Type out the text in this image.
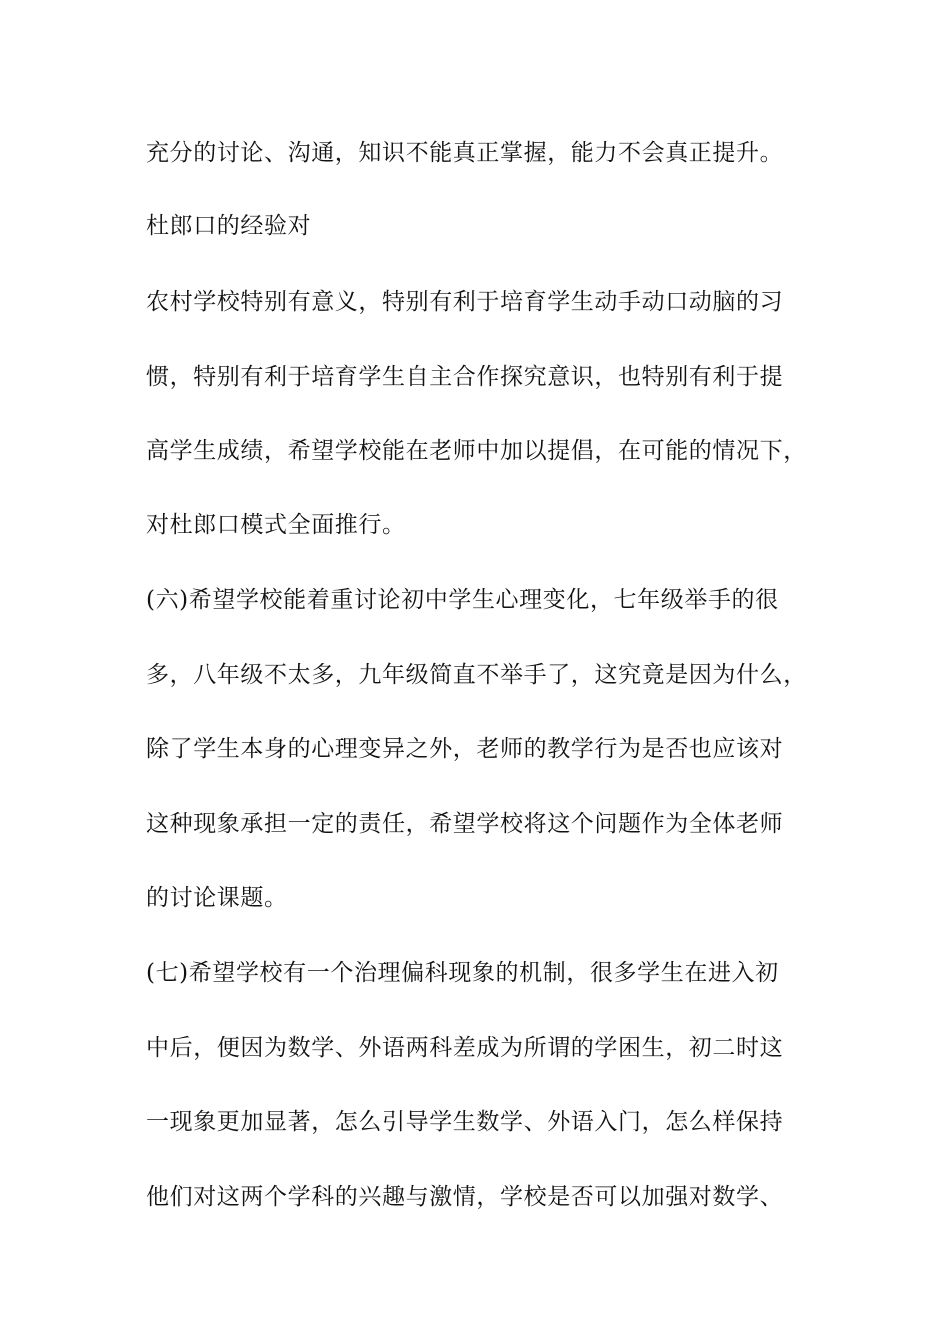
充分的讨论、沟通，知识不能真正掌握，能力不会真正提升。
杜郎口的经验对
农村学校特别有意义，特别有利于培育学生动手动口动脑的习
惯，特别有利于培育学生自主合作探究意识，也特别有利于提
高学生成绩，希望学校能在老师中加以提倡，在可能的情况下，
对杜郎口模式全面推行。
(六)希望学校能着重讨论初中学生心理变化，七年级举手的很
多，八年级不太多，九年级简直不举手了，这究竟是因为什么，
除了学生本身的心理变异之外，老师的教学行为是否也应该对
这种现象承担一定的责任，希望学校将这个问题作为全体老师
的讨论课题。
(七)希望学校有一个治理偏科现象的机制，很多学生在进入初
中后，便因为数学、外语两科差成为所谓的学困生，初二时这
一现象更加显著，怎么引导学生数学、外语入门，怎么样保持
他们对这两个学科的兴趣与激情，学校是否可以加强对数学、
